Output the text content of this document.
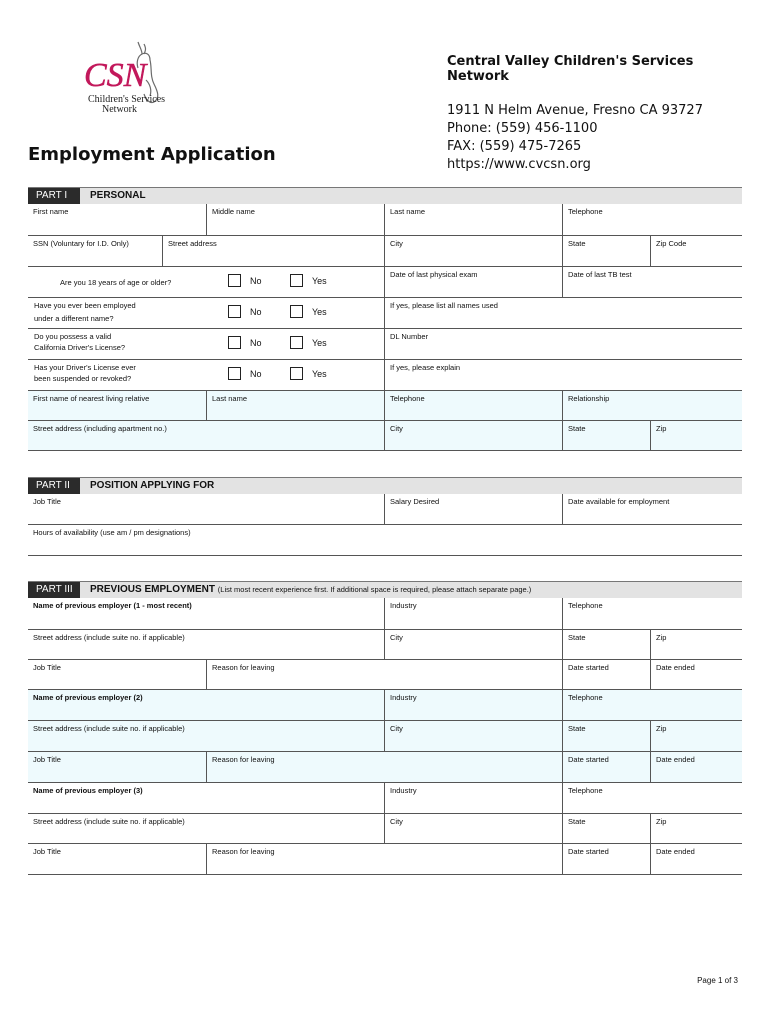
CSN
Children's Services
Network
Central Valley Children's Services Network
1911 N Helm Avenue, Fresno CA 93727
Phone: (559) 456-1100
FAX: (559) 475-7265
https://www.cvcsn.org
Employment Application
PART I	PERSONAL
First name	Middle name	Last name	Telephone
SSN (Voluntary for I.D. Only)	Street address	City	State	Zip Code
Are you 18 years of age or older?	No	Yes
Date of last physical exam	Date of last TB test
Have you ever been employed
under a different name?
No	Yes
If yes, please list all names used
Do you possess a valid
California Driver's License?	No	Yes
DL Number
Has your Driver's License ever
been suspended or revoked?	No	Yes
If yes, please explain
First name of nearest living relative	Last name	Telephone	Relationship
Street address (including apartment no.)	City	State	Zip
PART II	POSITION APPLYING FOR
Job Title	Salary Desired	Date available for employment
Hours of availability (use am / pm designations)
PART III	PREVIOUS EMPLOYMENT (List most recent experience first. If additional space is required, please attach separate page.)
Name of previous employer (1 - most recent)	Industry	Telephone
Street address (include suite no. if applicable)	City	State	Zip
Job Title	Reason for leaving	Date started	Date ended
Name of previous employer (2)	Industry	Telephone
Street address (include suite no. if applicable)	City	State	Zip
Job Title	Reason for leaving	Date started	Date ended
Name of previous employer (3)	Industry	Telephone
Street address (include suite no. if applicable)	City	State	Zip
Job Title	Reason for leaving	Date started	Date ended
Page 1 of 3
